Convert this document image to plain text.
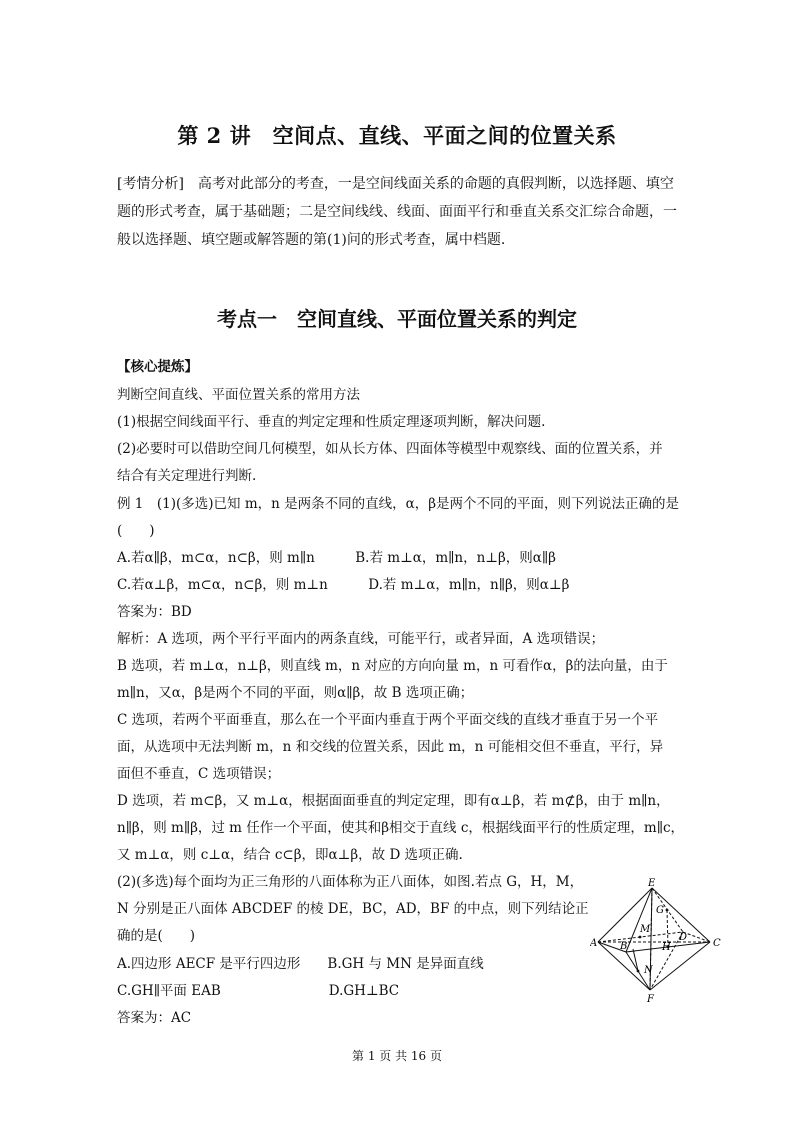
第 2 讲　空间点、直线、平面之间的位置关系
[考情分析]　高考对此部分的考查，一是空间线面关系的命题的真假判断，以选择题、填空题的形式考查，属于基础题；二是空间线线、线面、面面平行和垂直关系交汇综合命题，一般以选择题、填空题或解答题的第(1)问的形式考查，属中档题.
考点一　空间直线、平面位置关系的判定
【核心提炼】
判断空间直线、平面位置关系的常用方法
(1)根据空间线面平行、垂直的判定定理和性质定理逐项判断，解决问题.
(2)必要时可以借助空间几何模型，如从长方体、四面体等模型中观察线、面的位置关系，并
结合有关定理进行判断.
例 1　(1)(多选)已知 m，n 是两条不同的直线，α，β是两个不同的平面，则下列说法正确的是
(　　)
A.若α∥β，m⊂α，n⊂β，则 m∥n　　　B.若 m⊥α，m∥n，n⊥β，则α∥β
C.若α⊥β，m⊂α，n⊂β，则 m⊥n　　　D.若 m⊥α，m∥n，n∥β，则α⊥β
答案为：BD
解析：A 选项，两个平行平面内的两条直线，可能平行，或者异面，A 选项错误；
B 选项，若 m⊥α，n⊥β，则直线 m，n 对应的方向向量 m，n 可看作α，β的法向量，由于
m∥n，又α，β是两个不同的平面，则α∥β，故 B 选项正确；
C 选项，若两个平面垂直，那么在一个平面内垂直于两个平面交线的直线才垂直于另一个平
面，从选项中无法判断 m，n 和交线的位置关系，因此 m，n 可能相交但不垂直，平行，异
面但不垂直，C 选项错误；
D 选项，若 m⊂β，又 m⊥α，根据面面垂直的判定定理，即有α⊥β，若 m⊄β，由于 m∥n，
n∥β，则 m∥β，过 m 任作一个平面，使其和β相交于直线 c，根据线面平行的性质定理，m∥c，
又 m⊥α，则 c⊥α，结合 c⊂β，即α⊥β，故 D 选项正确.
(2)(多选)每个面均为正三角形的八面体称为正八面体，如图.若点 G，H，M，
N 分别是正八面体 ABCDEF 的棱 DE，BC，AD，BF 的中点，则下列结论正
确的是(　　)
A.四边形 AECF 是平行四边形　　B.GH 与 MN 是异面直线
C.GH∥平面 EAB　　　　　　　　D.GH⊥BC
答案为：AC
E
G
M
D
A B	H	C
N
F
第 1 页 共 16 页
